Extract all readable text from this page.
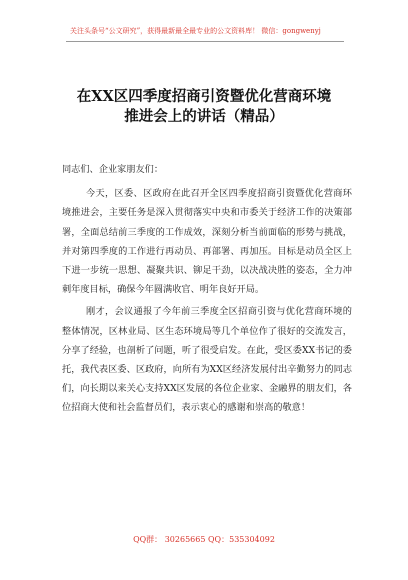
关注头条号“公文研究”，获得最新最全最专业的公文资料库！ 微信：gongwenyj
在XX区四季度招商引资暨优化营商环境
推进会上的讲话（精品）

同志们、企业家朋友们：

今天，区委、区政府在此召开全区四季度招商引资暨优化营商环境推进会，主要任务是深入贯彻落实中央和市委关于经济工作的决策部署，全面总结前三季度的工作成效，深刻分析当前面临的形势与挑战，并对第四季度的工作进行再动员、再部署、再加压。目标是动员全区上下进一步统一思想、凝聚共识、铆足干劲，以决战决胜的姿态，全力冲刺年度目标，确保今年圆满收官、明年良好开局。

刚才，会议通报了今年前三季度全区招商引资与优化营商环境的整体情况，区林业局、区生态环境局等几个单位作了很好的交流发言，分享了经验，也剖析了问题，听了很受启发。在此，受区委XX书记的委托，我代表区委、区政府，向所有为XX区经济发展付出辛勤努力的同志们，向长期以来关心支持XX区发展的各位企业家、金融界的朋友们，各位招商大使和社会监督员们，表示衷心的感谢和崇高的敬意！

QQ群： 30265665 QQ：535304092
